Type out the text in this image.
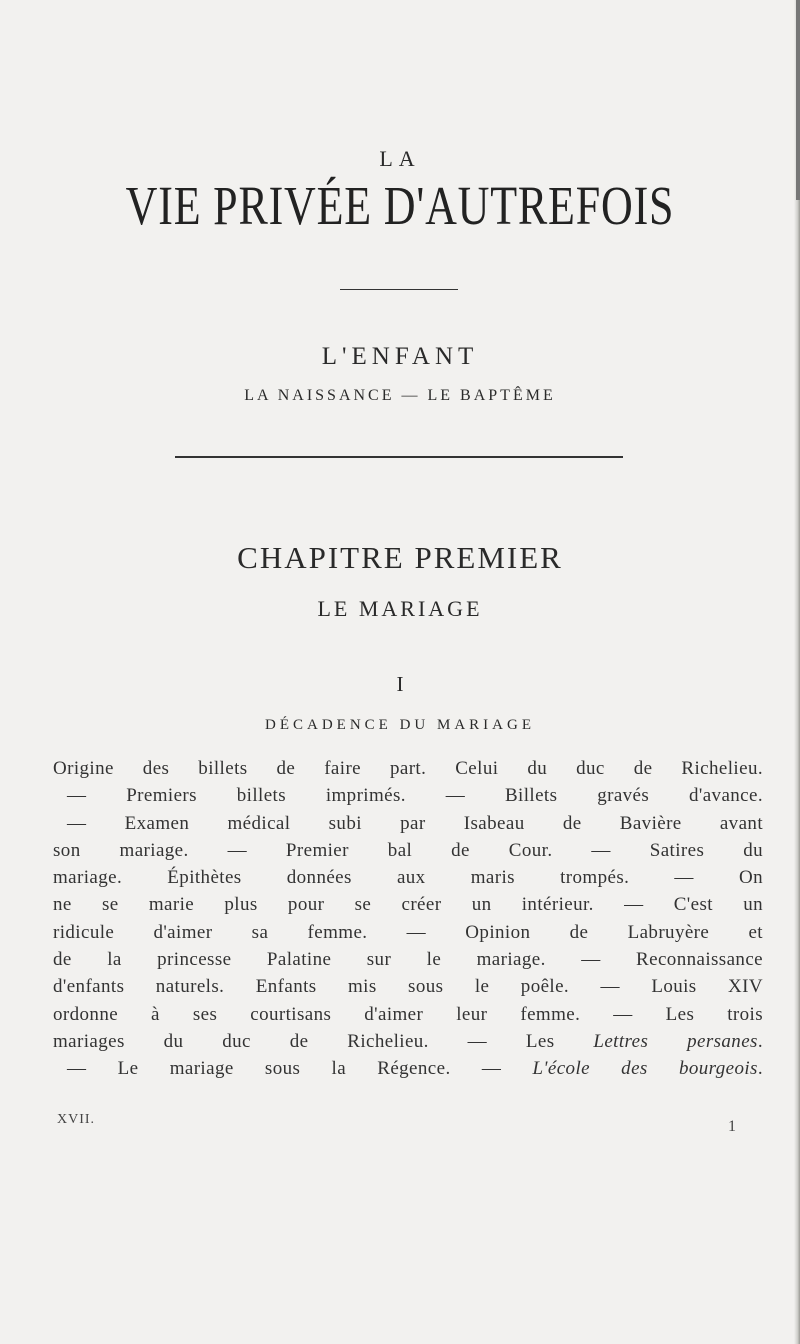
LA
VIE PRIVÉE D'AUTREFOIS
L'ENFANT
LA NAISSANCE — LE BAPTÊME
CHAPITRE PREMIER
LE MARIAGE
I
DÉCADENCE DU MARIAGE
Origine des billets de faire part. Celui du duc de Richelieu.
— Premiers billets imprimés. — Billets gravés d'avance.
— Examen médical subi par Isabeau de Bavière avant
son mariage. — Premier bal de Cour. — Satires du
mariage. Épithètes données aux maris trompés. — On
ne se marie plus pour se créer un intérieur. — C'est un
ridicule d'aimer sa femme. — Opinion de Labruyère et
de la princesse Palatine sur le mariage. — Reconnaissance
d'enfants naturels. Enfants mis sous le poêle. — Louis XIV
ordonne à ses courtisans d'aimer leur femme. — Les trois
mariages du duc de Richelieu. — Les Lettres persanes.
— Le mariage sous la Régence. — L'école des bourgeois.
XVII.	1
